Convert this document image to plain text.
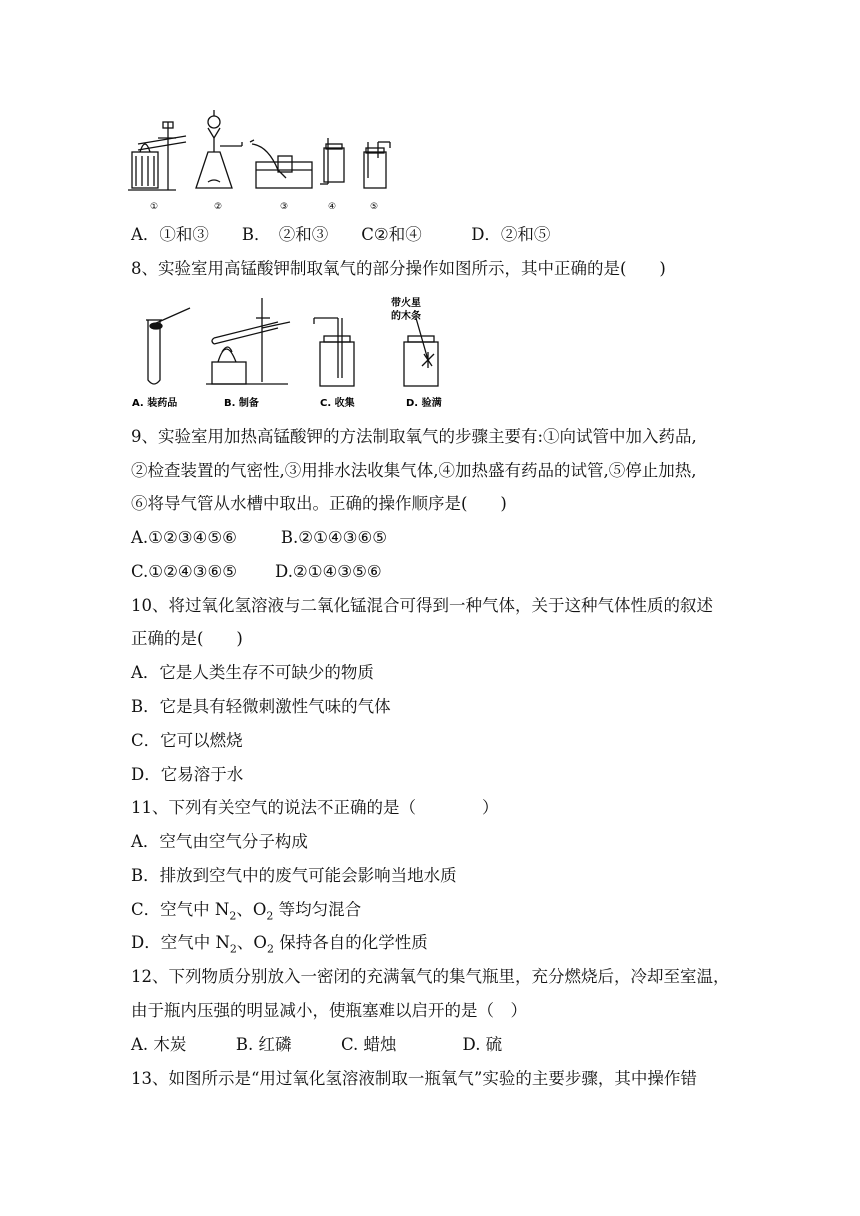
①	②	③	④	⑤
A．①和③　　B．　②和③　　C②和④　　　D．②和⑤
8、实验室用高锰酸钾制取氧气的部分操作如图所示，其中正确的是(　　)
带火星
的木条
A. 装药品	B. 制备	C. 收集	D. 验满
9、实验室用加热高锰酸钾的方法制取氧气的步骤主要有:①向试管中加入药品,
②检查装置的气密性,③用排水法收集气体,④加热盛有药品的试管,⑤停止加热,
⑥将导气管从水槽中取出。正确的操作顺序是(　　)
A.①②③④⑤⑥	B.②①④③⑥⑤
C.①②④③⑥⑤ D.②①④③⑤⑥
10、将过氧化氢溶液与二氧化锰混合可得到一种气体，关于这种气体性质的叙述
正确的是(　　)
A．它是人类生存不可缺少的物质
B．它是具有轻微刺激性气味的气体
C．它可以燃烧
D．它易溶于水
11、下列有关空气的说法不正确的是（　　　　）
A．空气由空气分子构成
B．排放到空气中的废气可能会影响当地水质
C．空气中 $N_2$、$O_2$ 等均匀混合
D．空气中 $N_2$、$O_2$ 保持各自的化学性质
12、下列物质分别放入一密闭的充满氧气的集气瓶里，充分燃烧后，冷却至室温，
由于瓶内压强的明显减小，使瓶塞难以启开的是（　）
A. 木炭　　　B. 红磷　　　C. 蜡烛　　　　D. 硫
13、如图所示是“用过氧化氢溶液制取一瓶氧气”实验的主要步骤，其中操作错
